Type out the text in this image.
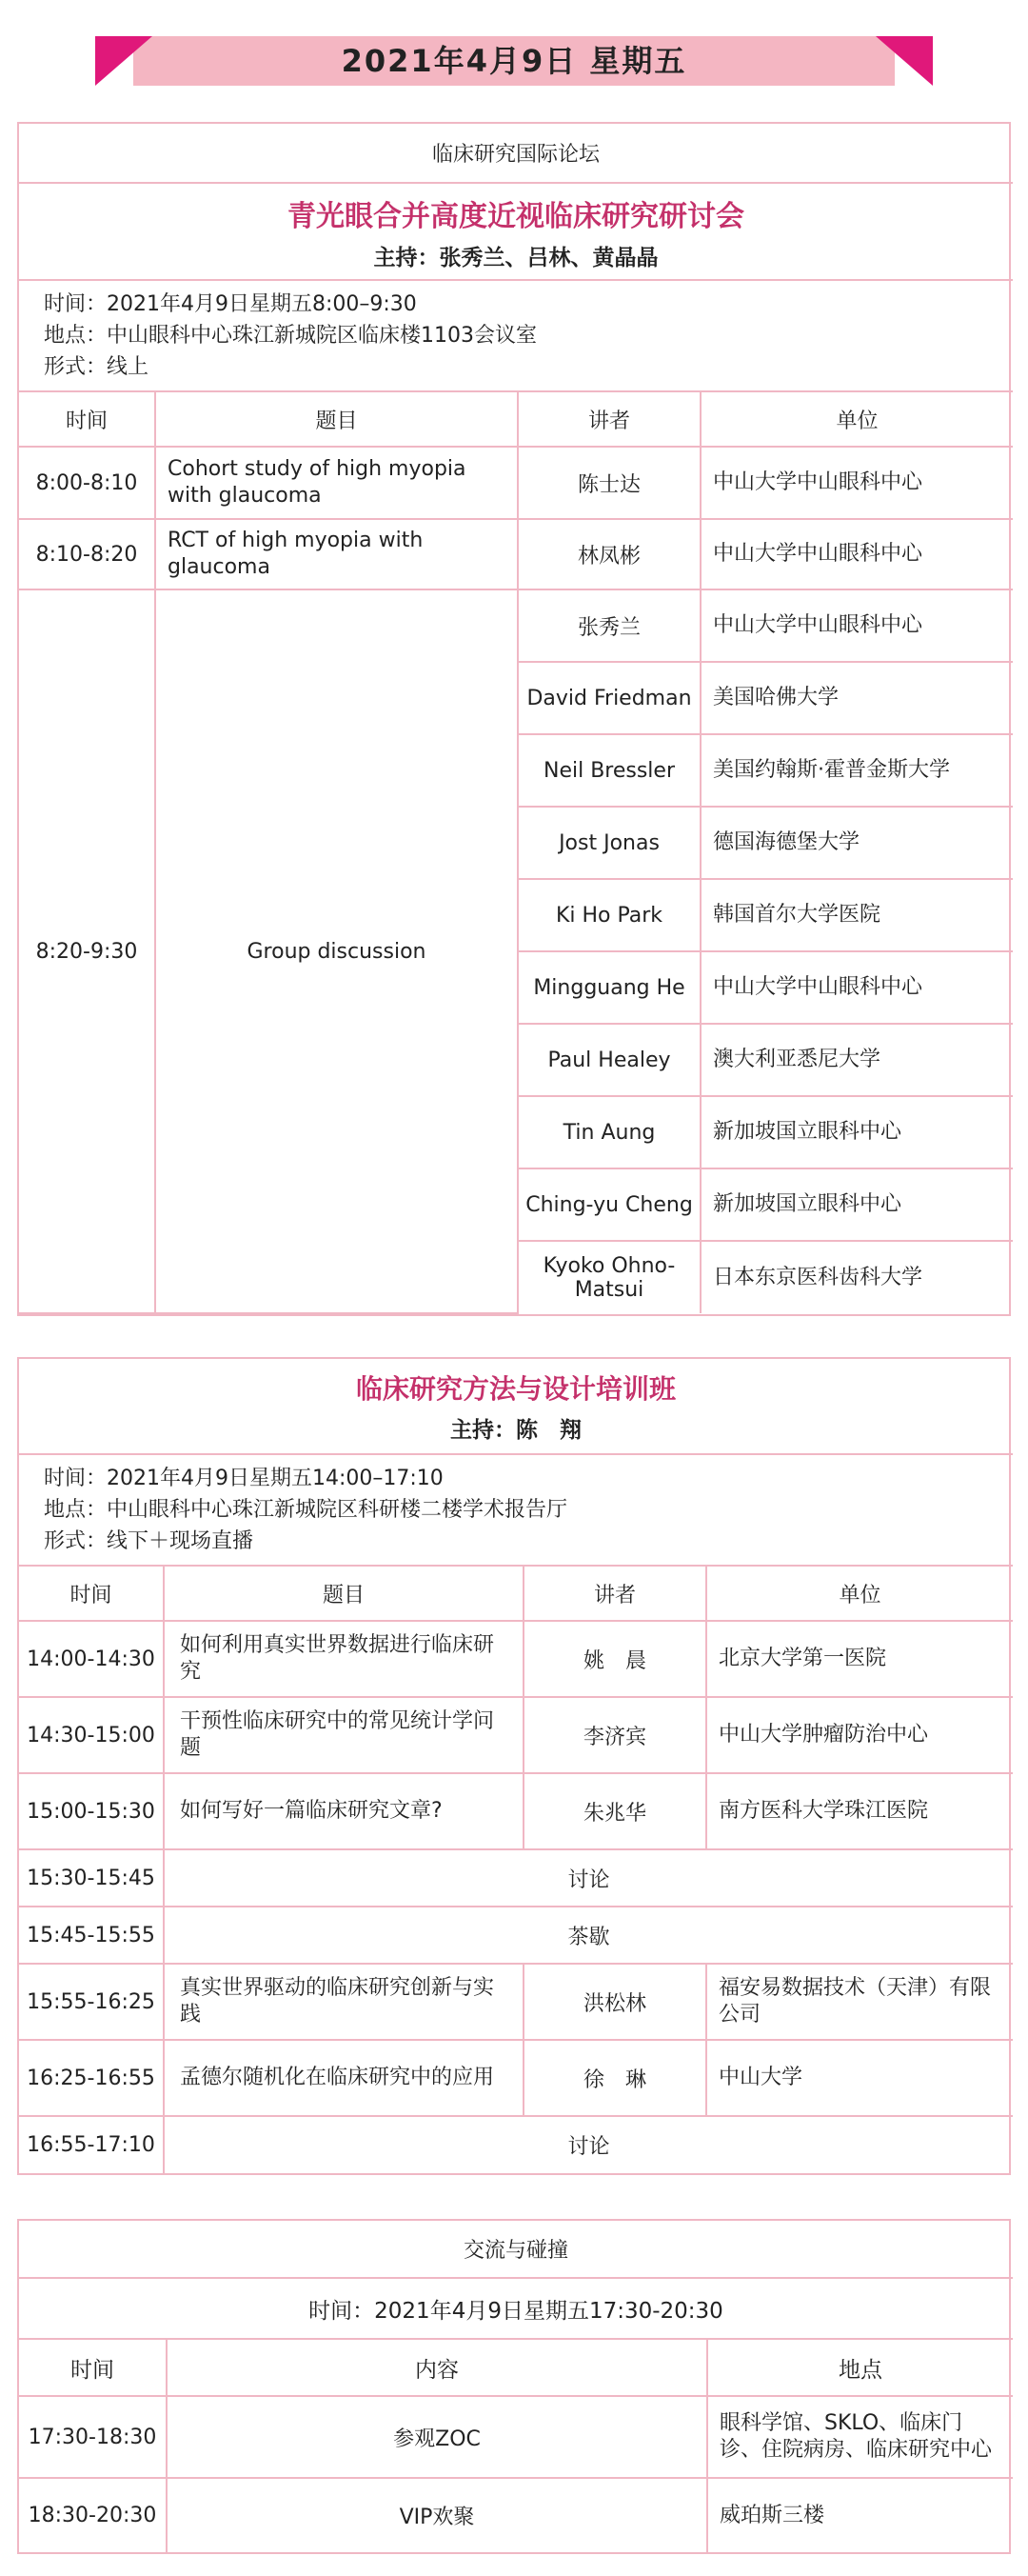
2021年4月9日 星期五
临床研究国际论坛			

青光眼合并高度近视临床研究研讨会
主持：张秀兰、吕林、黄晶晶			

时间：2021年4月9日星期五8:00–9:30
地点：中山眼科中心珠江新城院区临床楼1103会议室
形式：线上			

时间	题目	讲者	单位
8:00-8:10	Cohort study of high myopia with glaucoma	陈士达	中山大学中山眼科中心
8:10-8:20	RCT of high myopia with glaucoma	林凤彬	中山大学中山眼科中心
8:20-9:30	Group discussion	张秀兰	中山大学中山眼科中心
		David Friedman	美国哈佛大学
		Neil Bressler	美国约翰斯·霍普金斯大学
		Jost Jonas	德国海德堡大学
		Ki Ho Park	韩国首尔大学医院
		Mingguang He	中山大学中山眼科中心
		Paul Healey	澳大利亚悉尼大学
		Tin Aung	新加坡国立眼科中心
		Ching-yu Cheng	新加坡国立眼科中心
		Kyoko Ohno-Matsui	日本东京医科齿科大学
临床研究方法与设计培训班
主持：陈　翔			

时间：2021年4月9日星期五14:00–17:10
地点：中山眼科中心珠江新城院区科研楼二楼学术报告厅
形式：线下＋现场直播			

时间	题目	讲者	单位
14:00-14:30	如何利用真实世界数据进行临床研究	姚　晨	北京大学第一医院
14:30-15:00	干预性临床研究中的常见统计学问题	李济宾	中山大学肿瘤防治中心
15:00-15:30	如何写好一篇临床研究文章?	朱兆华	南方医科大学珠江医院
15:30-15:45	讨论		
15:45-15:55	茶歇		
15:55-16:25	真实世界驱动的临床研究创新与实践	洪松林	福安易数据技术（天津）有限公司
16:25-16:55	孟德尔随机化在临床研究中的应用	徐　琳	中山大学
16:55-17:10	讨论		
交流与碰撞		
时间：2021年4月9日星期五17:30-20:30		
时间	内容	地点
17:30-18:30	参观ZOC	眼科学馆、SKLO、临床门诊、住院病房、临床研究中心
18:30-20:30	VIP欢聚	威珀斯三楼
